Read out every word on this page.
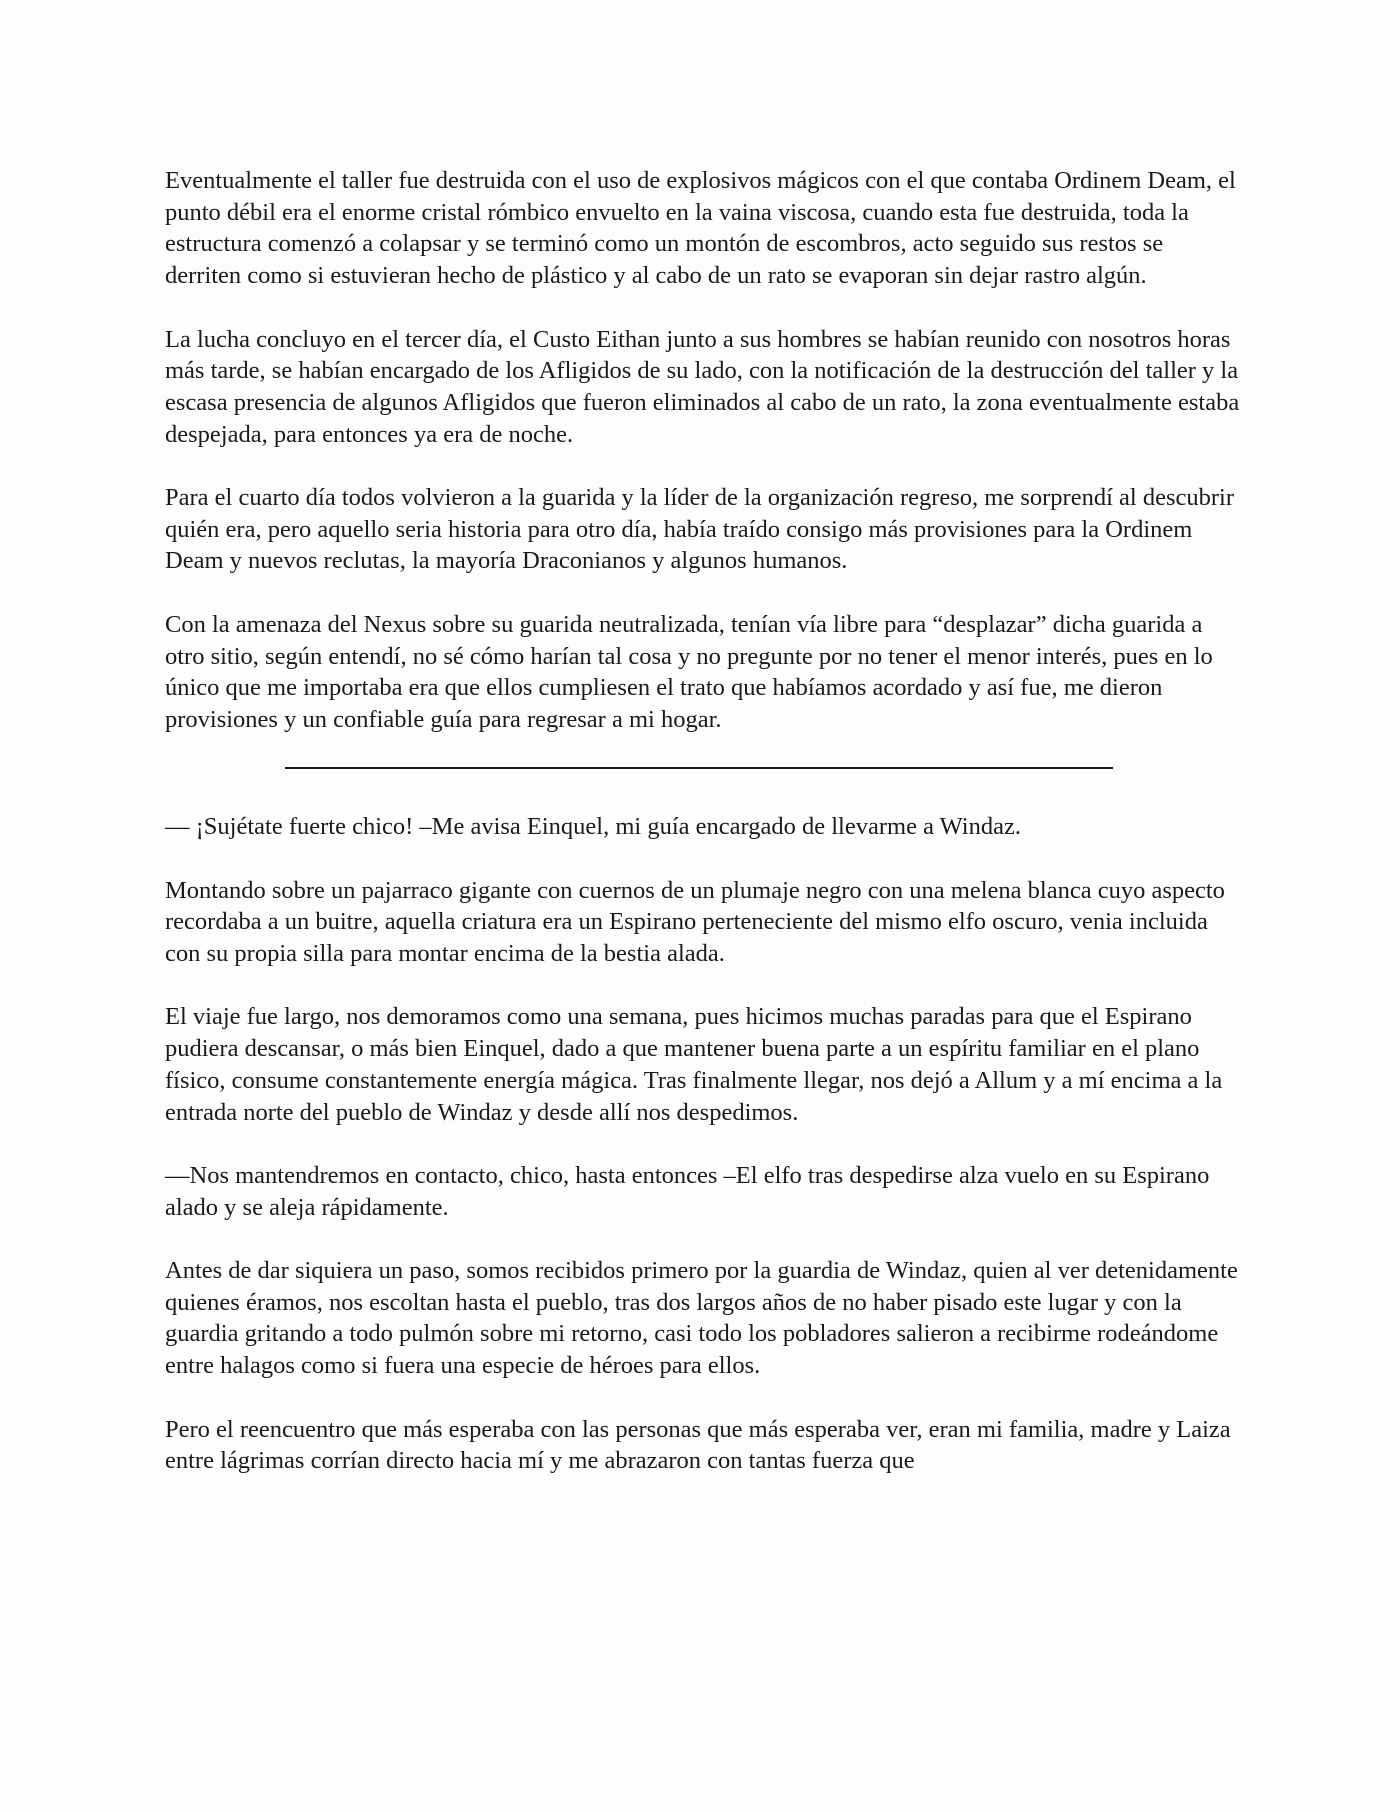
Eventualmente el taller fue destruida con el uso de explosivos mágicos con el que contaba Ordinem Deam, el punto débil era el enorme cristal rómbico envuelto en la vaina viscosa, cuando esta fue destruida, toda la estructura comenzó a colapsar y se terminó como un montón de escombros, acto seguido sus restos se derriten como si estuvieran hecho de plástico y al cabo de un rato se evaporan sin dejar rastro algún.

La lucha concluyo en el tercer día, el Custo Eithan junto a sus hombres se habían reunido con nosotros horas más tarde, se habían encargado de los Afligidos de su lado, con la notificación de la destrucción del taller y la escasa presencia de algunos Afligidos que fueron eliminados al cabo de un rato, la zona eventualmente estaba despejada, para entonces ya era de noche.

Para el cuarto día todos volvieron a la guarida y la líder de la organización regreso, me sorprendí al descubrir quién era, pero aquello seria historia para otro día, había traído consigo más provisiones para la Ordinem Deam y nuevos reclutas, la mayoría Draconianos y algunos humanos.

Con la amenaza del Nexus sobre su guarida neutralizada, tenían vía libre para “desplazar” dicha guarida a otro sitio, según entendí, no sé cómo harían tal cosa y no pregunte por no tener el menor interés, pues en lo único que me importaba era que ellos cumpliesen el trato que habíamos acordado y así fue, me dieron provisiones y un confiable guía para regresar a mi hogar.

— ¡Sujétate fuerte chico! –Me avisa Einquel, mi guía encargado de llevarme a Windaz.

Montando sobre un pajarraco gigante con cuernos de un plumaje negro con una melena blanca cuyo aspecto recordaba a un buitre, aquella criatura era un Espirano perteneciente del mismo elfo oscuro, venia incluida con su propia silla para montar encima de la bestia alada.

El viaje fue largo, nos demoramos como una semana, pues hicimos muchas paradas para que el Espirano pudiera descansar, o más bien Einquel, dado a que mantener buena parte a un espíritu familiar en el plano físico, consume constantemente energía mágica. Tras finalmente llegar, nos dejó a Allum y a mí encima a la entrada norte del pueblo de Windaz y desde allí nos despedimos.

—Nos mantendremos en contacto, chico, hasta entonces –El elfo tras despedirse alza vuelo en su Espirano alado y se aleja rápidamente.

Antes de dar siquiera un paso, somos recibidos primero por la guardia de Windaz, quien al ver detenidamente quienes éramos, nos escoltan hasta el pueblo, tras dos largos años de no haber pisado este lugar y con la guardia gritando a todo pulmón sobre mi retorno, casi todo los pobladores salieron a recibirme rodeándome entre halagos como si fuera una especie de héroes para ellos.

Pero el reencuentro que más esperaba con las personas que más esperaba ver, eran mi familia, madre y Laiza entre lágrimas corrían directo hacia mí y me abrazaron con tantas fuerza que
